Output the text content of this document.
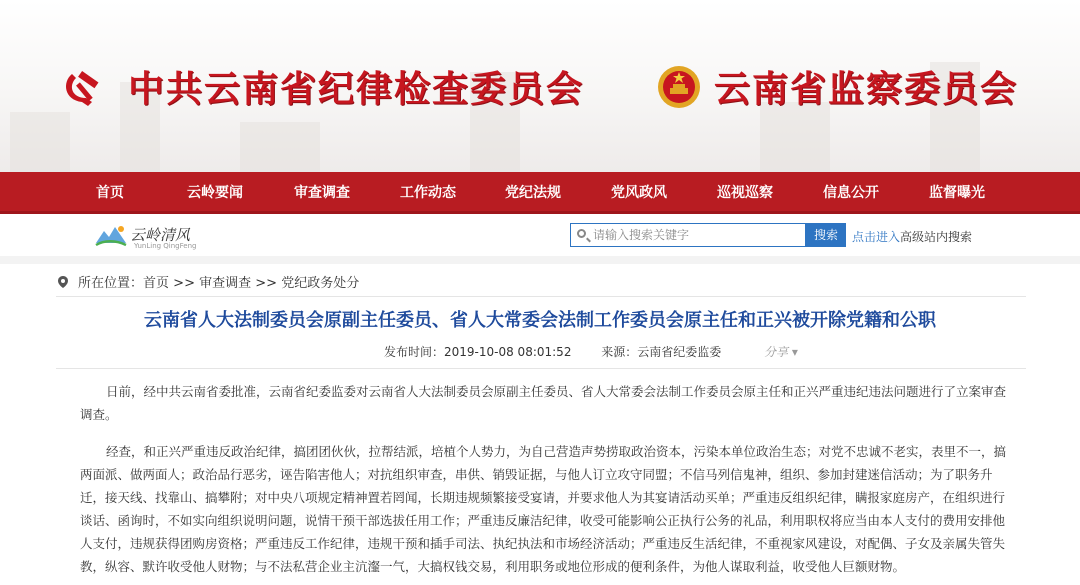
中共云南省纪律检查委员会	云南省监察委员会
首页	云岭要闻	审查调查	工作动态	党纪法规	党风政风	巡视巡察	信息公开	监督曝光
云岭清风
YunLing QingFeng
请输入搜索关键字
搜索	点击进入高级站内搜索
所在位置：首页 >> 审查调查 >> 党纪政务处分
云南省人大法制委员会原副主任委员、省人大常委会法制工作委员会原主任和正兴被开除党籍和公职
发布时间：2019-10-08 08:01:52 来源：云南省纪委监委	分享 ▾

日前，经中共云南省委批准，云南省纪委监委对云南省人大法制委员会原副主任委员、省人大常委会法制工作委员会原主任和正兴严重违纪违法问题进行了立案审查调查。

经查，和正兴严重违反政治纪律，搞团团伙伙，拉帮结派，培植个人势力，为自己营造声势捞取政治资本，污染本单位政治生态；对党不忠诚不老实，表里不一，搞两面派、做两面人；政治品行恶劣，诬告陷害他人；对抗组织审查，串供、销毁证据，与他人订立攻守同盟；不信马列信鬼神，组织、参加封建迷信活动；为了职务升迁，接天线、找靠山、搞攀附；对中央八项规定精神置若罔闻，长期违规频繁接受宴请，并要求他人为其宴请活动买单；严重违反组织纪律，瞒报家庭房产，在组织进行谈话、函询时，不如实向组织说明问题，说情干预干部选拔任用工作；严重违反廉洁纪律，收受可能影响公正执行公务的礼品，利用职权将应当由本人支付的费用安排他人支付，违规获得团购房资格；严重违反工作纪律，违规干预和插手司法、执纪执法和市场经济活动；严重违反生活纪律，不重视家风建设，对配偶、子女及亲属失管失教，纵容、默许收受他人财物；与不法私营企业主沆瀣一气，大搞权钱交易，利用职务或地位形成的便利条件，为他人谋取利益，收受他人巨额财物。
